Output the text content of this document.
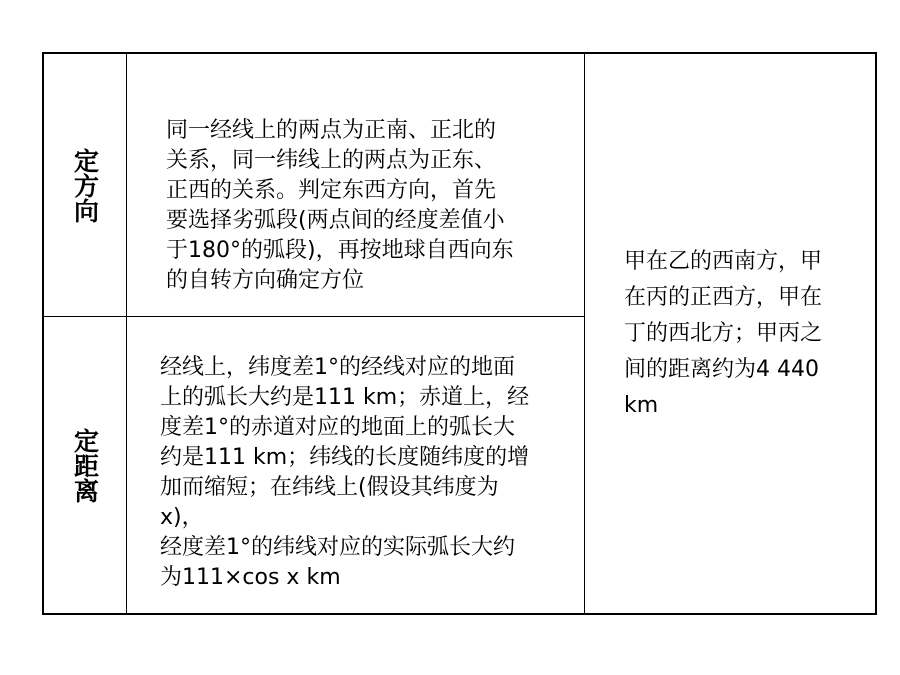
定方向
同一经线上的两点为正南、正北的
关系，同一纬线上的两点为正东、
正西的关系。判定东西方向，首先
要选择劣弧段(两点间的经度差值小
于180°的弧段)，再按地球自西向东
的自转方向确定方位
定距离
经线上，纬度差1°的经线对应的地面
上的弧长大约是111 km；赤道上，经
度差1°的赤道对应的地面上的弧长大
约是111 km；纬线的长度随纬度的增
加而缩短；在纬线上(假设其纬度为
x)，
经度差1°的纬线对应的实际弧长大约
为111×cos x km
甲在乙的西南方，甲
在丙的正西方，甲在
丁的西北方；甲丙之
间的距离约为4 440
km
